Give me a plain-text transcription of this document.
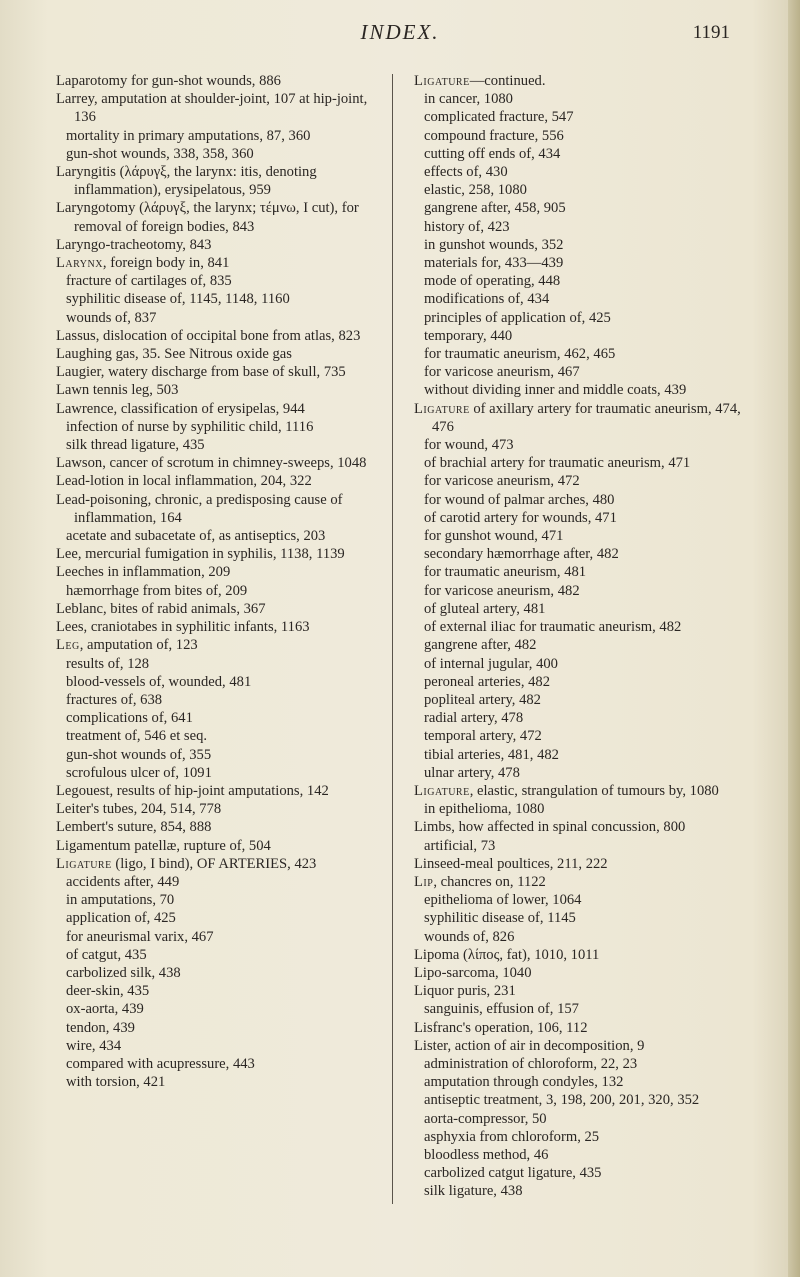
INDEX.	1191
Laparotomy for gun-shot wounds, 886
Larrey, amputation at shoulder-joint, 107 at hip-joint, 136
mortality in primary amputations, 87, 360
gun-shot wounds, 338, 358, 360
Laryngitis (λάρυγξ, the larynx: itis, denoting inflammation), erysipelatous, 959
Laryngotomy (λάρυγξ, the larynx; τέμνω, I cut), for removal of foreign bodies, 843
Laryngo-tracheotomy, 843
Larynx, foreign body in, 841
fracture of cartilages of, 835
syphilitic disease of, 1145, 1148, 1160
wounds of, 837
Lassus, dislocation of occipital bone from atlas, 823
Laughing gas, 35. See Nitrous oxide gas
Laugier, watery discharge from base of skull, 735
Lawn tennis leg, 503
Lawrence, classification of erysipelas, 944
infection of nurse by syphilitic child, 1116
silk thread ligature, 435
Lawson, cancer of scrotum in chimney-sweeps, 1048
Lead-lotion in local inflammation, 204, 322
Lead-poisoning, chronic, a predisposing cause of inflammation, 164
acetate and subacetate of, as antiseptics, 203
Lee, mercurial fumigation in syphilis, 1138, 1139
Leeches in inflammation, 209
hæmorrhage from bites of, 209
Leblanc, bites of rabid animals, 367
Lees, craniotabes in syphilitic infants, 1163
Leg, amputation of, 123
results of, 128
blood-vessels of, wounded, 481
fractures of, 638
complications of, 641
treatment of, 546 et seq.
gun-shot wounds of, 355
scrofulous ulcer of, 1091
Legouest, results of hip-joint amputations, 142
Leiter's tubes, 204, 514, 778
Lembert's suture, 854, 888
Ligamentum patellæ, rupture of, 504
Ligature (ligo, I bind), OF ARTERIES, 423
accidents after, 449
in amputations, 70
application of, 425
for aneurismal varix, 467
of catgut, 435
carbolized silk, 438
deer-skin, 435
ox-aorta, 439
tendon, 439
wire, 434
compared with acupressure, 443
with torsion, 421
Ligature—continued.
in cancer, 1080
complicated fracture, 547
compound fracture, 556
cutting off ends of, 434
effects of, 430
elastic, 258, 1080
gangrene after, 458, 905
history of, 423
in gunshot wounds, 352
materials for, 433—439
mode of operating, 448
modifications of, 434
principles of application of, 425
temporary, 440
for traumatic aneurism, 462, 465
for varicose aneurism, 467
without dividing inner and middle coats, 439
Ligature of axillary artery for traumatic aneurism, 474, 476
for wound, 473
of brachial artery for traumatic aneurism, 471
for varicose aneurism, 472
for wound of palmar arches, 480
of carotid artery for wounds, 471
for gunshot wound, 471
secondary hæmorrhage after, 482
for traumatic aneurism, 481
for varicose aneurism, 482
of gluteal artery, 481
of external iliac for traumatic aneurism, 482
gangrene after, 482
of internal jugular, 400
peroneal arteries, 482
popliteal artery, 482
radial artery, 478
temporal artery, 472
tibial arteries, 481, 482
ulnar artery, 478
Ligature, elastic, strangulation of tumours by, 1080
in epithelioma, 1080
Limbs, how affected in spinal concussion, 800
artificial, 73
Linseed-meal poultices, 211, 222
Lip, chancres on, 1122
epithelioma of lower, 1064
syphilitic disease of, 1145
wounds of, 826
Lipoma (λίπος, fat), 1010, 1011
Lipo-sarcoma, 1040
Liquor puris, 231
sanguinis, effusion of, 157
Lisfranc's operation, 106, 112
Lister, action of air in decomposition, 9
administration of chloroform, 22, 23
amputation through condyles, 132
antiseptic treatment, 3, 198, 200, 201, 320, 352
aorta-compressor, 50
asphyxia from chloroform, 25
bloodless method, 46
carbolized catgut ligature, 435
silk ligature, 438
